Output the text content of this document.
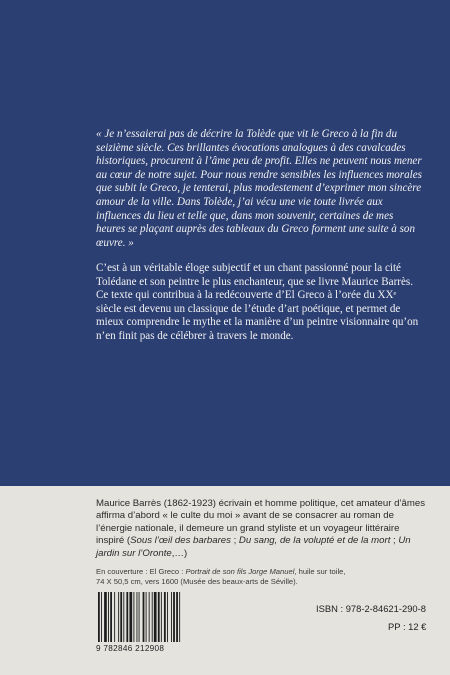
« Je n’essaierai pas de décrire la Tolède que vit le Greco à la fin du seizième siècle. Ces brillantes évocations analogues à des cavalcades historiques, procurent à l’âme peu de profit. Elles ne peuvent nous mener au cœur de notre sujet. Pour nous rendre sensibles les influences morales que subit le Greco, je tenterai, plus modestement d’exprimer mon sincère amour de la ville. Dans Tolède, j’ai vécu une vie toute livrée aux influences du lieu et telle que, dans mon souvenir, certaines de mes heures se plaçant auprès des tableaux du Greco forment une suite à son œuvre. »

C’est à un véritable éloge subjectif et un chant passionné pour la cité Tolédane et son peintre le plus enchanteur, que se livre Maurice Barrès. Ce texte qui contribua à la redécouverte d’El Greco à l’orée du XXᵉ siècle est devenu un classique de l’étude d’art poétique, et permet de mieux comprendre le mythe et la manière d’un peintre visionnaire qu’on n’en finit pas de célébrer à travers le monde.

Maurice Barrès (1862-1923) écrivain et homme politique, cet amateur d’âmes affirma d’abord « le culte du moi » avant de se consacrer au roman de l’énergie nationale, il demeure un grand styliste et un voyageur littéraire inspiré (Sous l’œil des barbares ; Du sang, de la volupté et de la mort ; Un jardin sur l’Oronte,…)

En couverture : El Greco : Portrait de son fils Jorge Manuel, huile sur toile,
74 X 50,5 cm, vers 1600 (Musée des beaux-arts de Séville).

9 782846 212908

ISBN : 978-2-84621-290-8

PP : 12 €
